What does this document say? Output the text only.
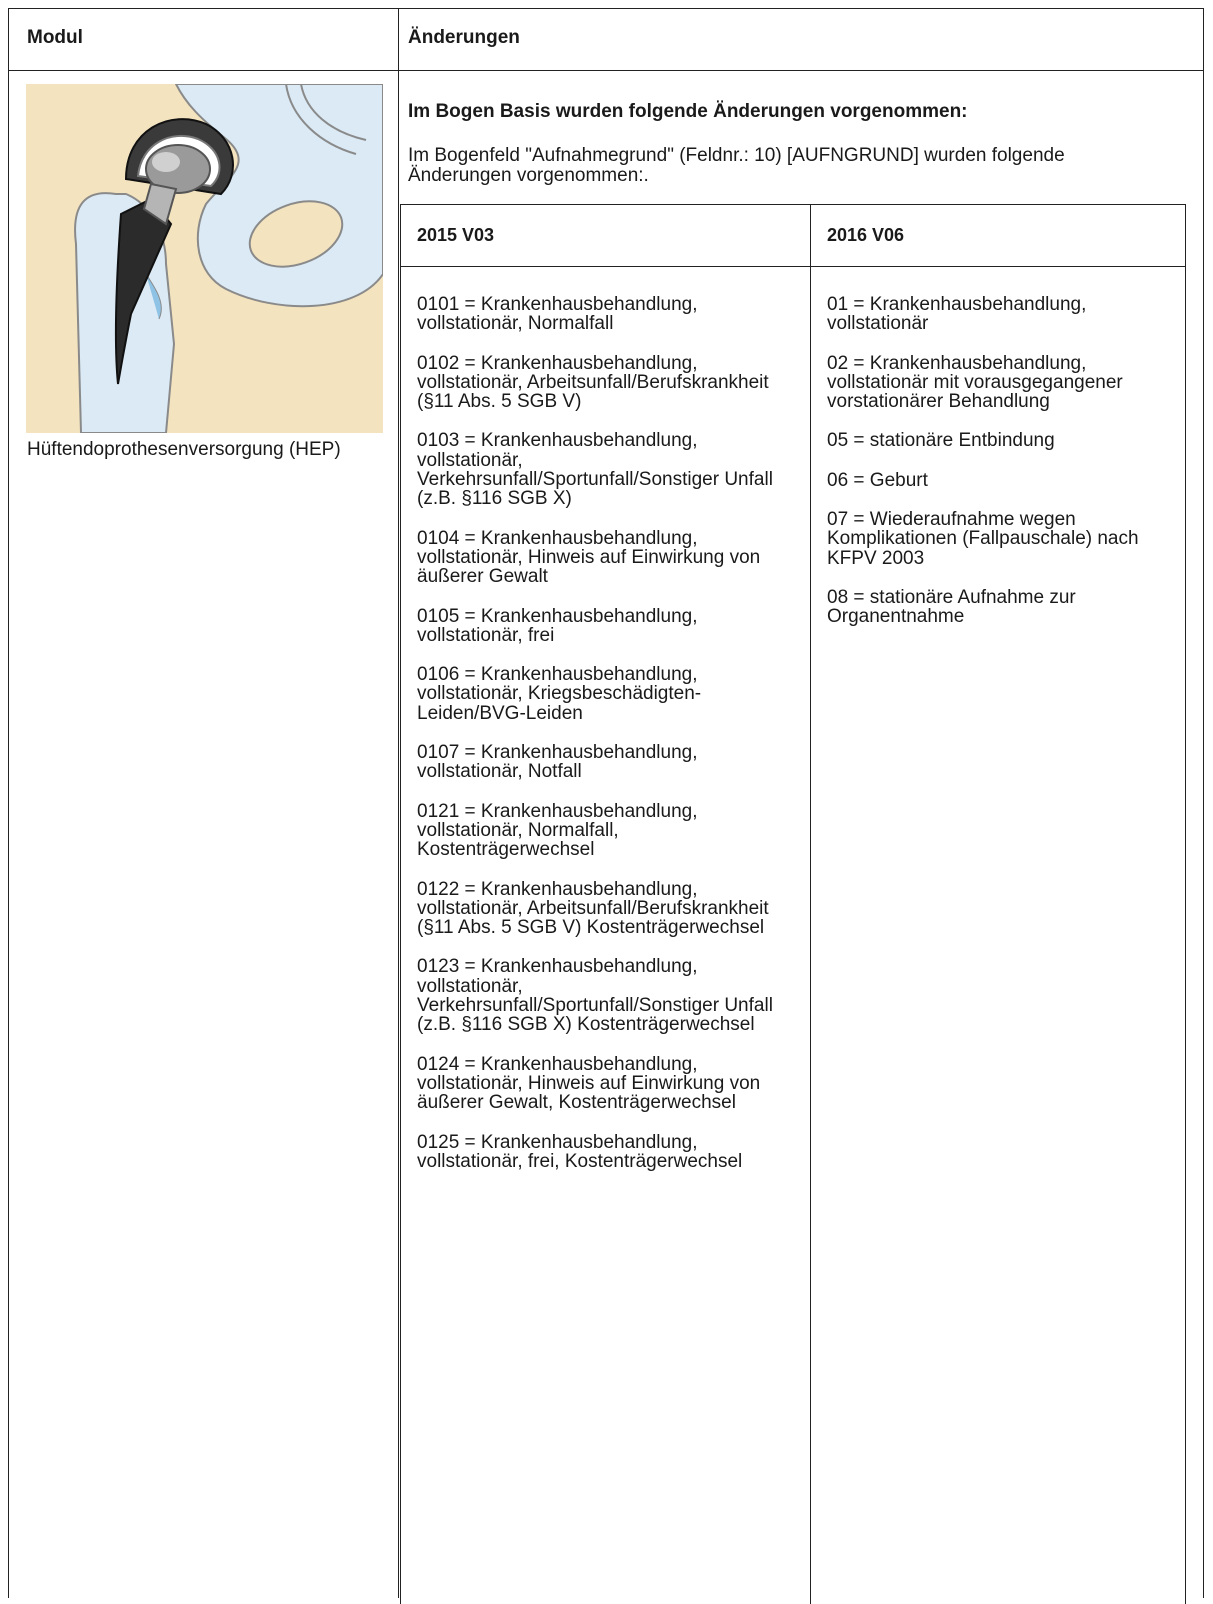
Modul	Änderungen
Hüftendoprothesenversorgung (HEP)
Im Bogen Basis wurden folgende Änderungen vorgenommen:
Im Bogenfeld "Aufnahmegrund" (Feldnr.: 10) [AUFNGRUND] wurden folgende Änderungen vorgenommen:.
2015 V03	2016 V06
0101 = Krankenhausbehandlung, vollstationär, Normalfall
0102 = Krankenhausbehandlung, vollstationär, Arbeitsunfall/Berufskrankheit (§11 Abs. 5 SGB V)
0103 = Krankenhausbehandlung, vollstationär, Verkehrsunfall/Sportunfall/Sonstiger Unfall (z.B. §116 SGB X)
0104 = Krankenhausbehandlung, vollstationär, Hinweis auf Einwirkung von äußerer Gewalt
0105 = Krankenhausbehandlung, vollstationär, frei
0106 = Krankenhausbehandlung, vollstationär, Kriegsbeschädigten-Leiden/BVG-Leiden
0107 = Krankenhausbehandlung, vollstationär, Notfall
0121 = Krankenhausbehandlung, vollstationär, Normalfall, Kostenträgerwechsel
0122 = Krankenhausbehandlung, vollstationär, Arbeitsunfall/Berufskrankheit (§11 Abs. 5 SGB V) Kostenträgerwechsel
0123 = Krankenhausbehandlung, vollstationär, Verkehrsunfall/Sportunfall/Sonstiger Unfall (z.B. §116 SGB X) Kostenträgerwechsel
0124 = Krankenhausbehandlung, vollstationär, Hinweis auf Einwirkung von äußerer Gewalt, Kostenträgerwechsel
0125 = Krankenhausbehandlung, vollstationär, frei, Kostenträgerwechsel
01 = Krankenhausbehandlung, vollstationär
02 = Krankenhausbehandlung, vollstationär mit vorausgegangener vorstationärer Behandlung
05 = stationäre Entbindung
06 = Geburt
07 = Wiederaufnahme wegen Komplikationen (Fallpauschale) nach KFPV 2003
08 = stationäre Aufnahme zur Organentnahme
